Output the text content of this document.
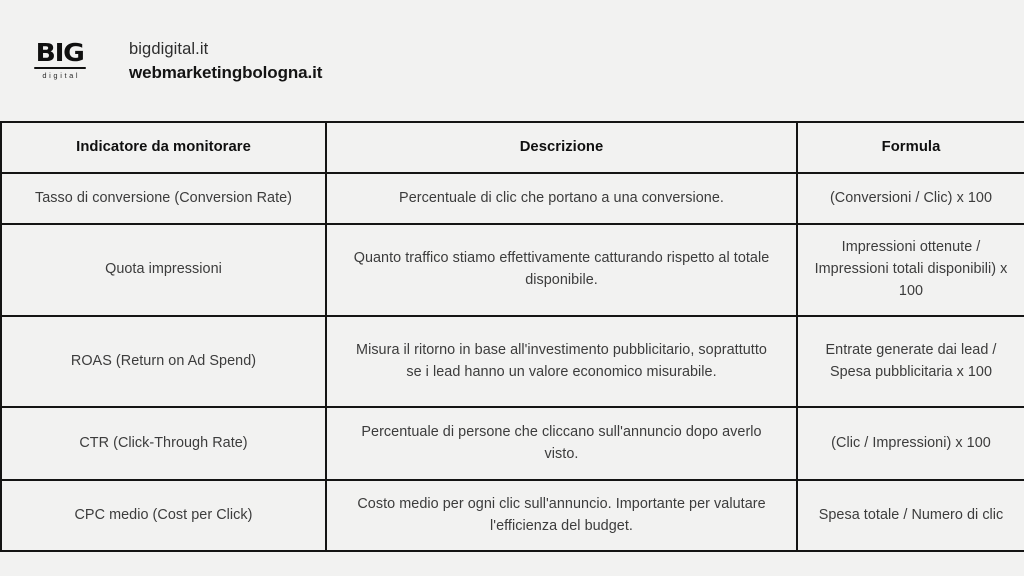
BIG
digital
bigdigital.it
webmarketingbologna.it
Indicatore da monitorare	Descrizione	Formula
Tasso di conversione (Conversion Rate)	Percentuale di clic che portano a una conversione.	(Conversioni / Clic) x 100
Quota impressioni	Quanto traffico stiamo effettivamente catturando rispetto al totale disponibile.	Impressioni ottenute / Impressioni totali disponibili) x 100
ROAS (Return on Ad Spend)	Misura il ritorno in base all'investimento pubblicitario, soprattutto se i lead hanno un valore economico misurabile.	Entrate generate dai lead / Spesa pubblicitaria x 100
CTR (Click-Through Rate)	Percentuale di persone che cliccano sull'annuncio dopo averlo visto.	(Clic / Impressioni) x 100
CPC medio (Cost per Click)	Costo medio per ogni clic sull'annuncio. Importante per valutare l'efficienza del budget.	Spesa totale / Numero di clic
